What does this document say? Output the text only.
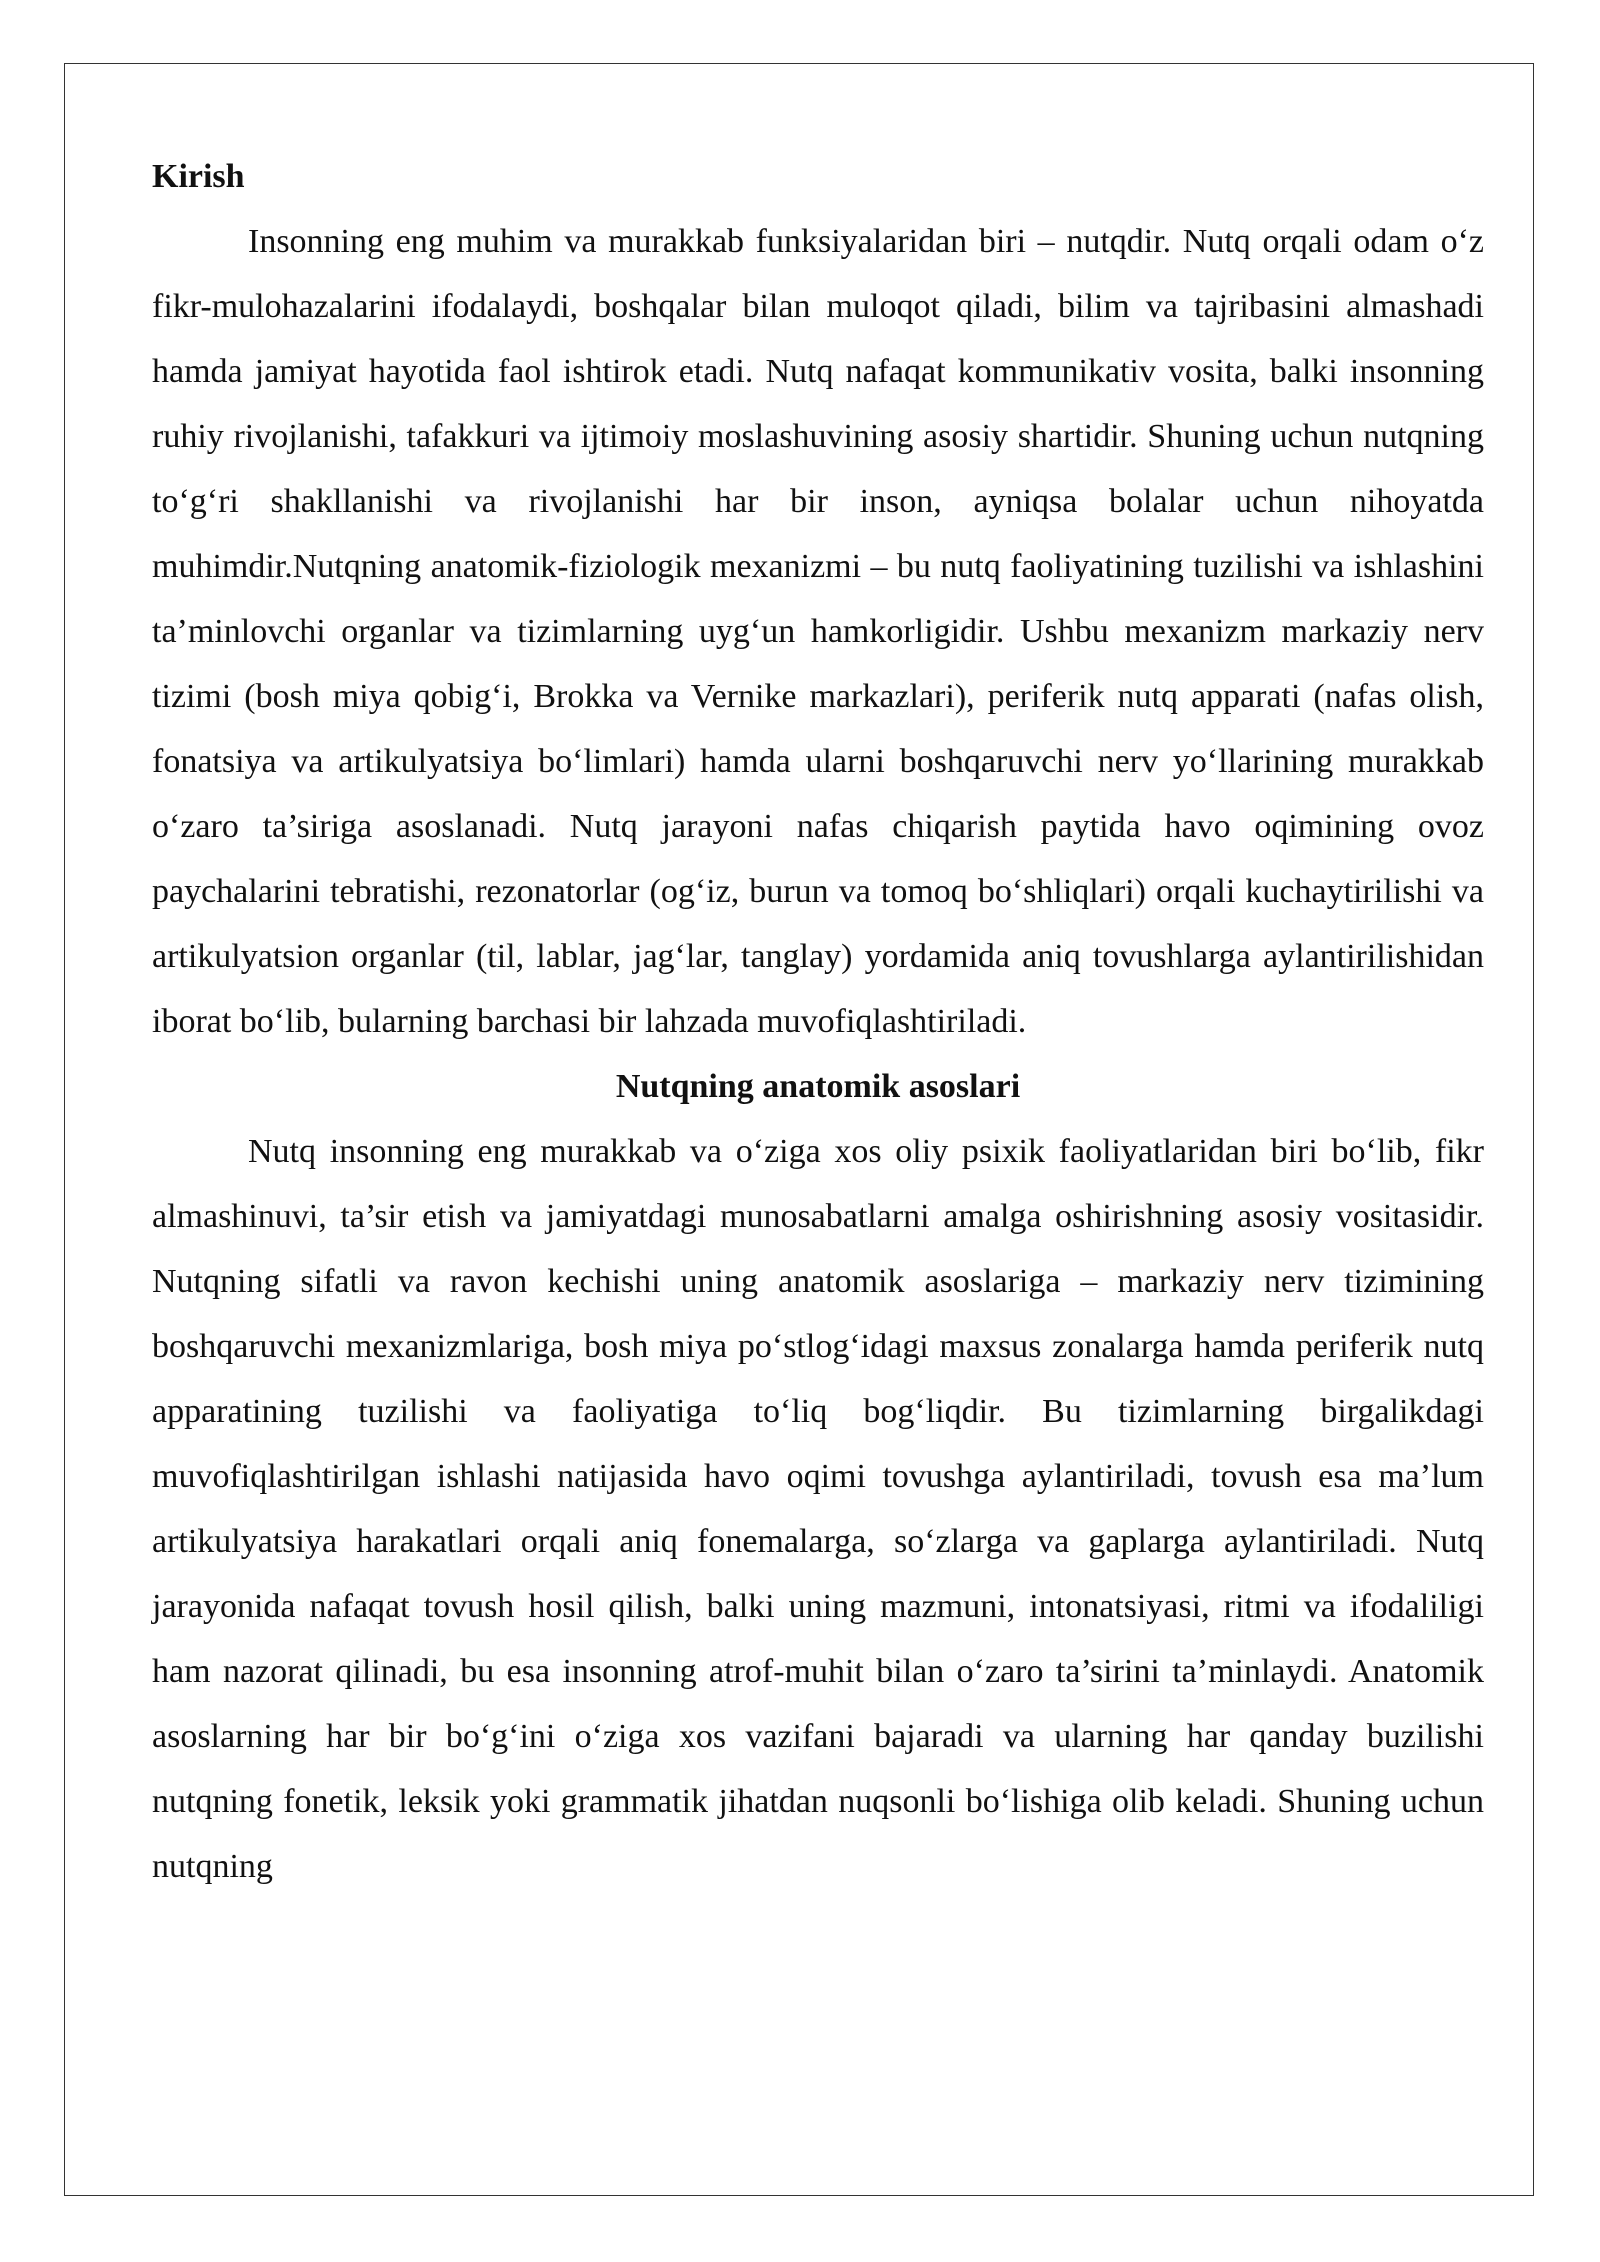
Kirish

Insonning eng muhim va murakkab funksiyalaridan biri – nutqdir. Nutq orqali odam o‘z fikr-mulohazalarini ifodalaydi, boshqalar bilan muloqot qiladi, bilim va tajribasini almashadi hamda jamiyat hayotida faol ishtirok etadi. Nutq nafaqat kommunikativ vosita, balki insonning ruhiy rivojlanishi, tafakkuri va ijtimoiy moslashuvining asosiy shartidir. Shuning uchun nutqning to‘g‘ri shakllanishi va rivojlanishi har bir inson, ayniqsa bolalar uchun nihoyatda muhimdir.Nutqning anatomik-fiziologik mexanizmi – bu nutq faoliyatining tuzilishi va ishlashini ta’minlovchi organlar va tizimlarning uyg‘un hamkorligidir. Ushbu mexanizm markaziy nerv tizimi (bosh miya qobig‘i, Brokka va Vernike markazlari), periferik nutq apparati (nafas olish, fonatsiya va artikulyatsiya bo‘limlari) hamda ularni boshqaruvchi nerv yo‘llarining murakkab o‘zaro ta’siriga asoslanadi. Nutq jarayoni nafas chiqarish paytida havo oqimining ovoz paychalarini tebratishi, rezonatorlar (og‘iz, burun va tomoq bo‘shliqlari) orqali kuchaytirilishi va artikulyatsion organlar (til, lablar, jag‘lar, tanglay) yordamida aniq tovushlarga aylantirilishidan iborat bo‘lib, bularning barchasi bir lahzada muvofiqlashtiriladi.

Nutqning anatomik asoslari

Nutq insonning eng murakkab va o‘ziga xos oliy psixik faoliyatlaridan biri bo‘lib, fikr almashinuvi, ta’sir etish va jamiyatdagi munosabatlarni amalga oshirishning asosiy vositasidir. Nutqning sifatli va ravon kechishi uning anatomik asoslariga – markaziy nerv tizimining boshqaruvchi mexanizmlariga, bosh miya po‘stlog‘idagi maxsus zonalarga hamda periferik nutq apparatining tuzilishi va faoliyatiga to‘liq bog‘liqdir. Bu tizimlarning birgalikdagi muvofiqlashtirilgan ishlashi natijasida havo oqimi tovushga aylantiriladi, tovush esa ma’lum artikulyatsiya harakatlari orqali aniq fonemalarga, so‘zlarga va gaplarga aylantiriladi. Nutq jarayonida nafaqat tovush hosil qilish, balki uning mazmuni, intonatsiyasi, ritmi va ifodaliligi ham nazorat qilinadi, bu esa insonning atrof-muhit bilan o‘zaro ta’sirini ta’minlaydi. Anatomik asoslarning har bir bo‘g‘ini o‘ziga xos vazifani bajaradi va ularning har qanday buzilishi nutqning fonetik, leksik yoki grammatik jihatdan nuqsonli bo‘lishiga olib keladi. Shuning uchun nutqning
